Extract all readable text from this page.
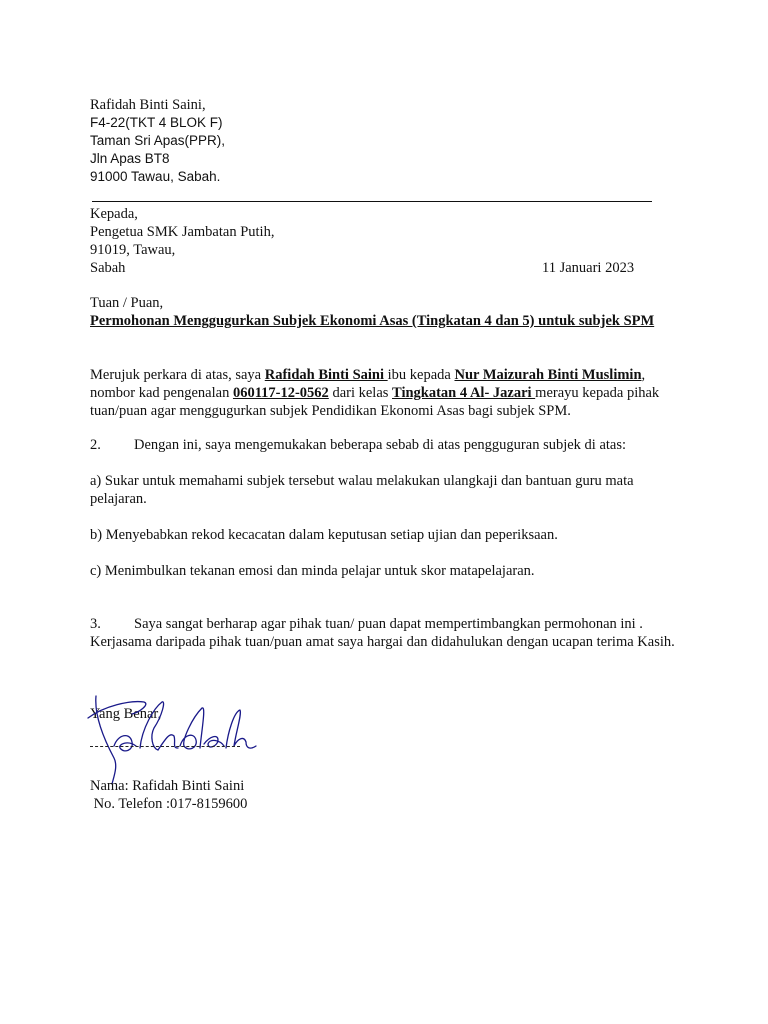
Rafidah Binti Saini,
F4-22(TKT 4 BLOK F)
Taman Sri Apas(PPR),
Jln Apas BT8
91000 Tawau, Sabah.
Kepada,
Pengetua SMK Jambatan Putih,
91019, Tawau,
Sabah	11 Januari 2023
Tuan / Puan,
Permohonan Menggugurkan Subjek Ekonomi Asas (Tingkatan 4 dan 5) untuk subjek SPM
Merujuk perkara di atas, saya Rafidah Binti Saini ibu kepada Nur Maizurah Binti Muslimin, nombor kad pengenalan 060117-12-0562 dari kelas Tingkatan 4 Al- Jazari merayu kepada pihak tuan/puan agar menggugurkan subjek Pendidikan Ekonomi Asas bagi subjek SPM.
2. Dengan ini, saya mengemukakan beberapa sebab di atas pengguguran subjek di atas:
a) Sukar untuk memahami subjek tersebut walau melakukan ulangkaji dan bantuan guru mata pelajaran.
b) Menyebabkan rekod kecacatan dalam keputusan setiap ujian dan peperiksaan.
c) Menimbulkan tekanan emosi dan minda pelajar untuk skor matapelajaran.
3. Saya sangat berharap agar pihak tuan/ puan dapat mempertimbangkan permohonan ini . Kerjasama daripada pihak tuan/puan amat saya hargai dan didahulukan dengan ucapan terima Kasih.
Yang Benar,
Nama: Rafidah Binti Saini
No. Telefon :017-8159600
